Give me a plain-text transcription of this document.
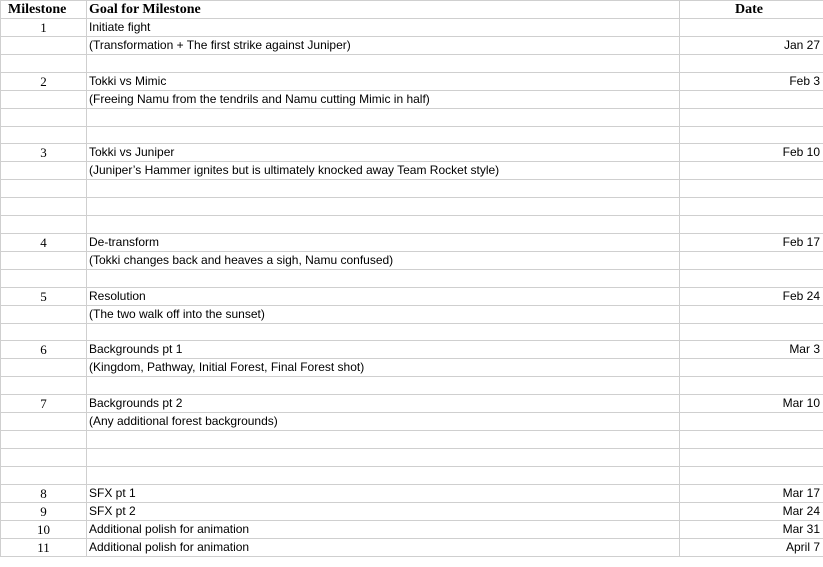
Milestone	Goal for Milestone	Date
1	Initiate fight	
	(Transformation + The first strike against Juniper)	Jan 27

2	Tokki vs Mimic	Feb 3
	(Freeing Namu from the tendrils and Namu cutting Mimic in half)	

3	Tokki vs Juniper	Feb 10
	(Juniper’s Hammer ignites but is ultimately knocked away Team Rocket style)	

4	De-transform	Feb 17
	(Tokki changes back and heaves a sigh, Namu confused)	

5	Resolution	Feb 24
	(The two walk off into the sunset)	

6	Backgrounds pt 1	Mar 3
	(Kingdom, Pathway, Initial Forest, Final Forest shot)	

7	Backgrounds pt 2	Mar 10
	(Any additional forest backgrounds)	

8	SFX pt 1	Mar 17
9	SFX pt 2	Mar 24
10	Additional polish for animation	Mar 31
11	Additional polish for animation	April 7
